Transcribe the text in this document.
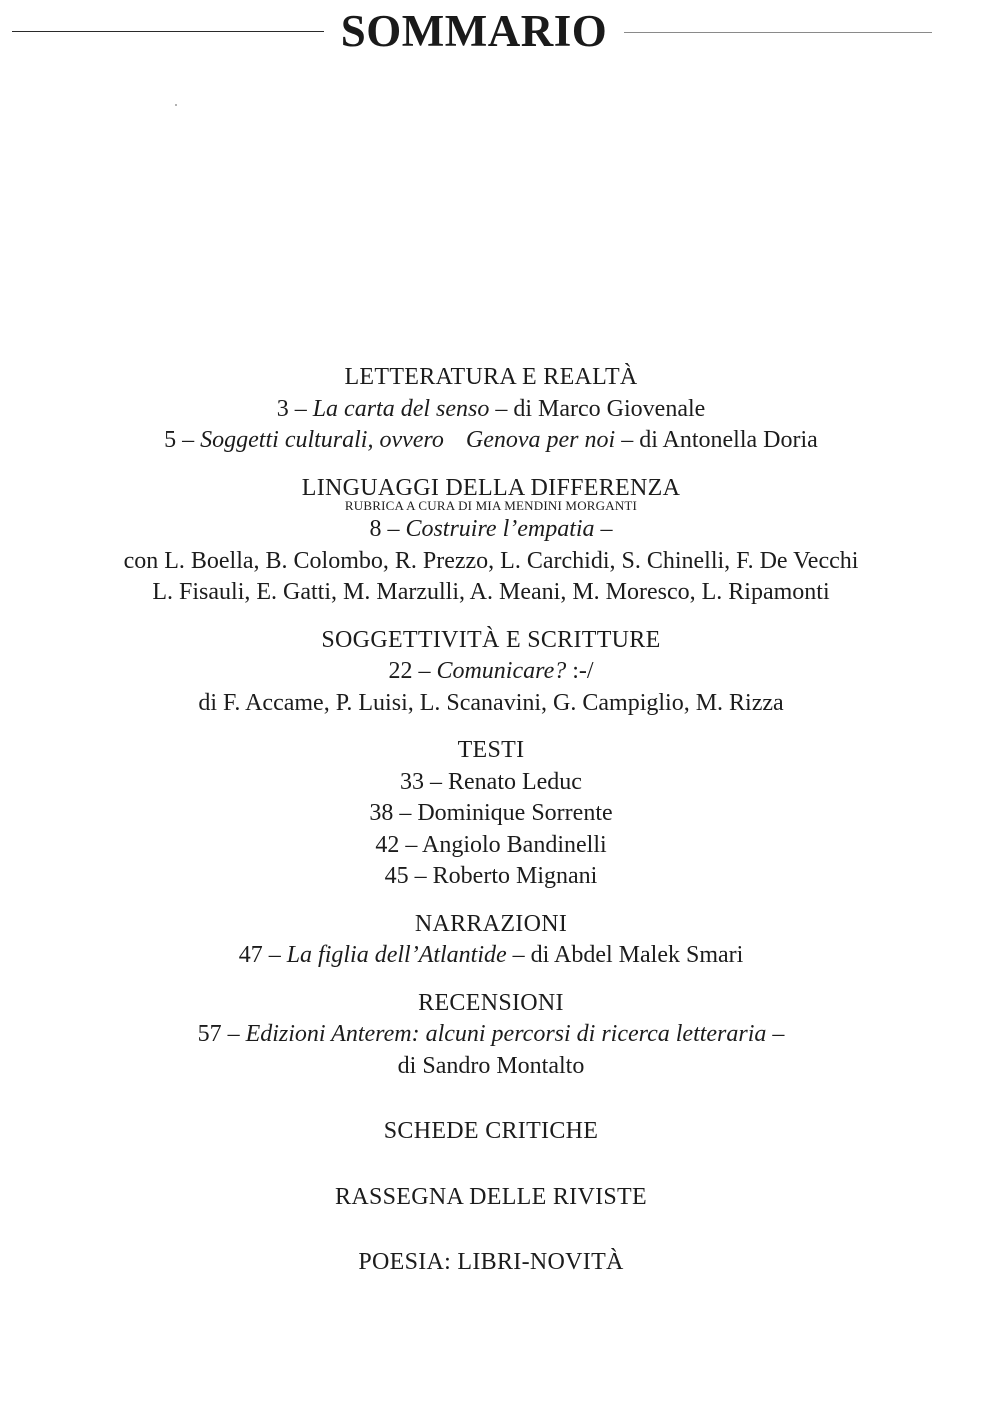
SOMMARIO
LETTERATURA E REALTÀ
3 – La carta del senso – di Marco Giovenale
5 – Soggetti culturali, ovvero Genova per noi – di Antonella Doria
LINGUAGGI DELLA DIFFERENZA
RUBRICA A CURA DI MIA MENDINI MORGANTI
8 – Costruire l’empatia –
con L. Boella, B. Colombo, R. Prezzo, L. Carchidi, S. Chinelli, F. De Vecchi
L. Fisauli, E. Gatti, M. Marzulli, A. Meani, M. Moresco, L. Ripamonti
SOGGETTIVITÀ E SCRITTURE
22 – Comunicare? :-/
di F. Accame, P. Luisi, L. Scanavini, G. Campiglio, M. Rizza
TESTI
33 – Renato Leduc
38 – Dominique Sorrente
42 – Angiolo Bandinelli
45 – Roberto Mignani
NARRAZIONI
47 – La figlia dell’Atlantide – di Abdel Malek Smari
RECENSIONI
57 – Edizioni Anterem: alcuni percorsi di ricerca letteraria –
di Sandro Montalto
SCHEDE CRITICHE
RASSEGNA DELLE RIVISTE
POESIA: LIBRI-NOVITÀ
